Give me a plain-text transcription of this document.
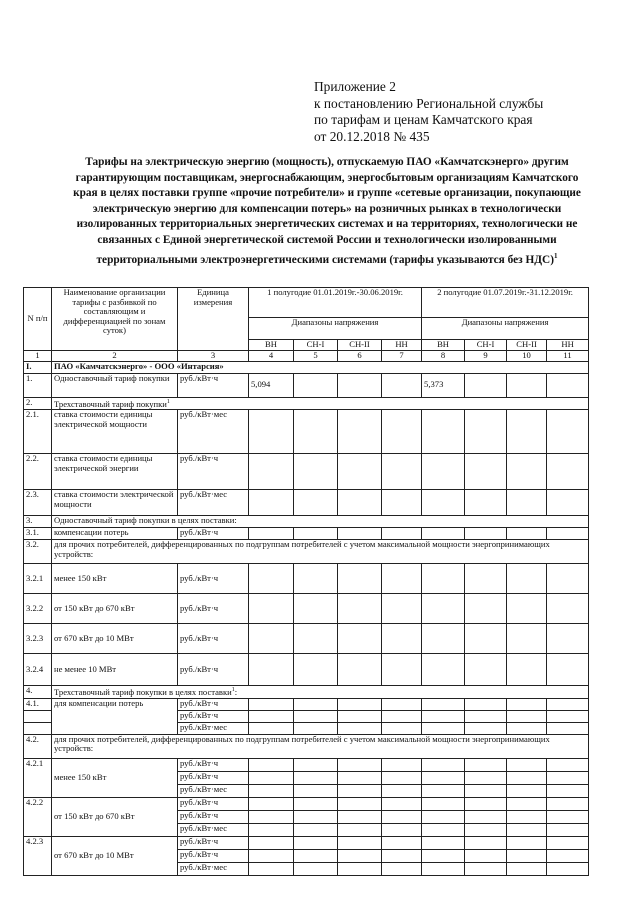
Приложение 2
к постановлению Региональной службы
по тарифам и ценам Камчатского края
от 20.12.2018 № 435
Тарифы на электрическую энергию (мощность), отпускаемую ПАО «Камчатскэнерго» другим гарантирующим поставщикам, энергоснабжающим, энергосбытовым организациям Камчатского края в целях поставки группе «прочие потребители» и группе «сетевые организации, покупающие электрическую энергию для компенсации потерь» на розничных рынках в технологически изолированных территориальных энергетических системах и на территориях, технологически не связанных с Единой энергетической системой России и технологически изолированными территориальными электроэнергетическими системами (тарифы указываются без НДС)$^1$
N п/п	Наименование организации тарифы с разбивкой по составляющим и дифференциацией по зонам суток)	Единица измерения	1 полугодие 01.01.2019г.-30.06.2019г.				2 полугодие 01.07.2019г.-31.12.2019г.			
			Диапазоны напряжения				Диапазоны напряжения			
			ВН	СН-I	СН-II	НН	ВН	СН-I	СН-II	НН
1	2	3	4	5	6	7	8	9	10	11
I.	ПАО «Камчатскэнерго» - ООО «Интарсия»									
1.	Одноставочный тариф покупки	руб./кВт·ч	5,094				5,373			
2.	Трехставочный тариф покупки$^1$
2.1.	ставка стоимости единицы электрической мощности	руб./кВт·мес								
2.2.	ставка стоимости единицы электрической энергии	руб./кВт·ч								
2.3.	ставка стоимости электрической мощности	руб./кВт·мес								
3.	Одноставочный тариф покупки в целях поставки:									
3.1.	компенсации потерь	руб./кВт·ч								
3.2.	для прочих потребителей, дифференцированных по подгруппам потребителей с учетом максимальной мощности энергопринимающих устройств:									
3.2.1	менее 150 кВт	руб./кВт·ч								
3.2.2	от 150 кВт до 670 кВт	руб./кВт·ч								
3.2.3	от 670 кВт до 10 МВт	руб./кВт·ч								
3.2.4	не менее 10 МВт	руб./кВт·ч								
4.	Трехставочный тариф покупки в целях поставки$^1$:									
4.1.	для компенсации потерь	руб./кВт·ч								
		руб./кВт·ч								
		руб./кВт·мес								
4.2.	для прочих потребителей, дифференцированных по подгруппам потребителей с учетом максимальной мощности энергопринимающих устройств:									
4.2.1	менее 150 кВт	руб./кВт·ч								
		руб./кВт·ч								
		руб./кВт·мес								
4.2.2	от 150 кВт до 670 кВт	руб./кВт·ч								
		руб./кВт·ч								
		руб./кВт·мес								
4.2.3	от 670 кВт до 10 МВт	руб./кВт·ч								
		руб./кВт·ч								
		руб./кВт·мес								
